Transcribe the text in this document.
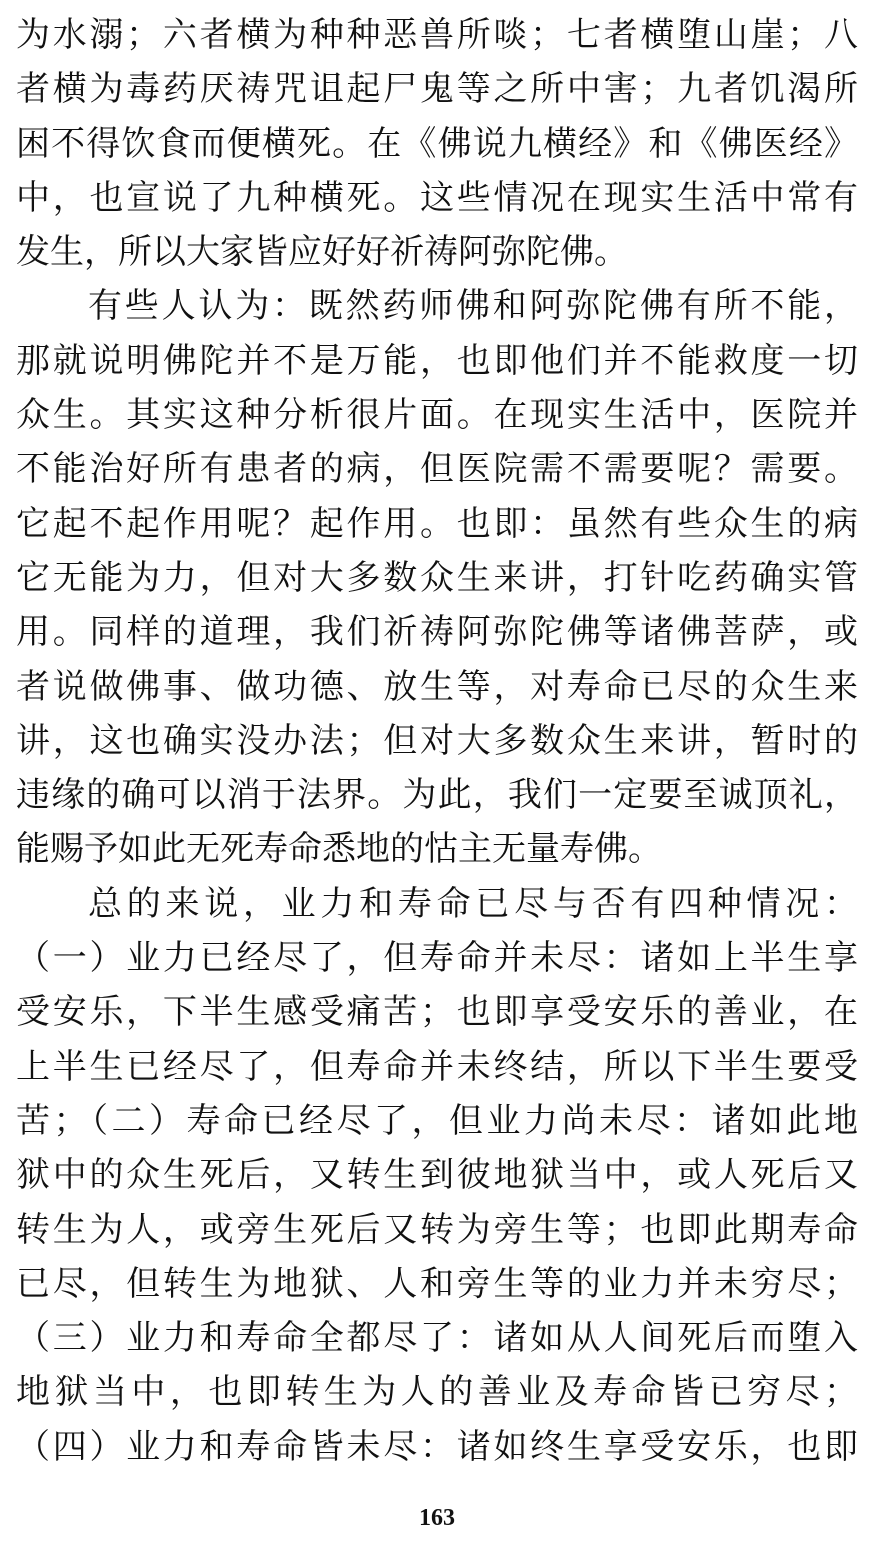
为水溺；六者横为种种恶兽所啖；七者横堕山崖；八
者横为毒药厌祷咒诅起尸鬼等之所中害；九者饥渴所
困不得饮食而便横死。在《佛说九横经》和《佛医经》
中，也宣说了九种横死。这些情况在现实生活中常有
发生，所以大家皆应好好祈祷阿弥陀佛。
有些人认为：既然药师佛和阿弥陀佛有所不能，
那就说明佛陀并不是万能，也即他们并不能救度一切
众生。其实这种分析很片面。在现实生活中，医院并
不能治好所有患者的病，但医院需不需要呢？需要。
它起不起作用呢？起作用。也即：虽然有些众生的病
它无能为力，但对大多数众生来讲，打针吃药确实管
用。同样的道理，我们祈祷阿弥陀佛等诸佛菩萨，或
者说做佛事、做功德、放生等，对寿命已尽的众生来
讲，这也确实没办法；但对大多数众生来讲，暂时的
违缘的确可以消于法界。为此，我们一定要至诚顶礼，
能赐予如此无死寿命悉地的怙主无量寿佛。
总的来说，业力和寿命已尽与否有四种情况：
（一）业力已经尽了，但寿命并未尽：诸如上半生享
受安乐，下半生感受痛苦；也即享受安乐的善业，在
上半生已经尽了，但寿命并未终结，所以下半生要受
苦；（二）寿命已经尽了，但业力尚未尽：诸如此地
狱中的众生死后，又转生到彼地狱当中，或人死后又
转生为人，或旁生死后又转为旁生等；也即此期寿命
已尽，但转生为地狱、人和旁生等的业力并未穷尽；
（三）业力和寿命全都尽了：诸如从人间死后而堕入
地狱当中，也即转生为人的善业及寿命皆已穷尽；
（四）业力和寿命皆未尽：诸如终生享受安乐，也即
163
